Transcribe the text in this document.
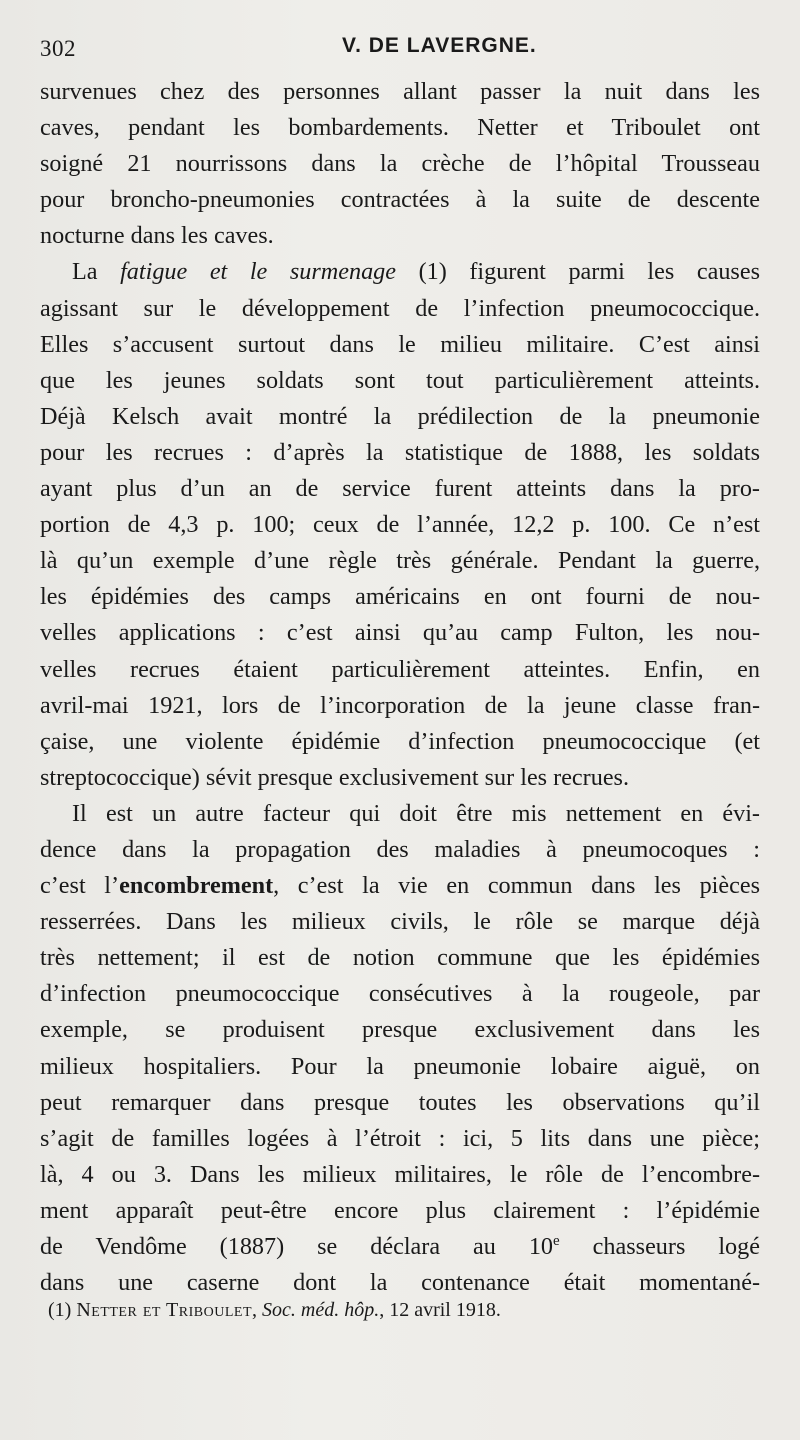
302	V. DE LAVERGNE.
survenues chez des personnes allant passer la nuit dans les
caves, pendant les bombardements. Netter et Triboulet ont
soigné 21 nourrissons dans la crèche de l’hôpital Trousseau
pour broncho-pneumonies contractées à la suite de descente
nocturne dans les caves.
La fatigue et le surmenage (1) figurent parmi les causes
agissant sur le développement de l’infection pneumococcique.
Elles s’accusent surtout dans le milieu militaire. C’est ainsi
que les jeunes soldats sont tout particulièrement atteints.
Déjà Kelsch avait montré la prédilection de la pneumonie
pour les recrues : d’après la statistique de 1888, les soldats
ayant plus d’un an de service furent atteints dans la pro-
portion de 4,3 p. 100; ceux de l’année, 12,2 p. 100. Ce n’est
là qu’un exemple d’une règle très générale. Pendant la guerre,
les épidémies des camps américains en ont fourni de nou-
velles applications : c’est ainsi qu’au camp Fulton, les nou-
velles recrues étaient particulièrement atteintes. Enfin, en
avril-mai 1921, lors de l’incorporation de la jeune classe fran-
çaise, une violente épidémie d’infection pneumococcique (et
streptococcique) sévit presque exclusivement sur les recrues.
Il est un autre facteur qui doit être mis nettement en évi-
dence dans la propagation des maladies à pneumocoques :
c’est l’encombrement, c’est la vie en commun dans les pièces
resserrées. Dans les milieux civils, le rôle se marque déjà
très nettement; il est de notion commune que les épidémies
d’infection pneumococcique consécutives à la rougeole, par
exemple, se produisent presque exclusivement dans les
milieux hospitaliers. Pour la pneumonie lobaire aiguë, on
peut remarquer dans presque toutes les observations qu’il
s’agit de familles logées à l’étroit : ici, 5 lits dans une pièce;
là, 4 ou 3. Dans les milieux militaires, le rôle de l’encombre-
ment apparaît peut-être encore plus clairement : l’épidémie
de Vendôme (1887) se déclara au 10e chasseurs logé
dans une caserne dont la contenance était momentané-
(1) Netter et Triboulet, Soc. méd. hôp., 12 avril 1918.
